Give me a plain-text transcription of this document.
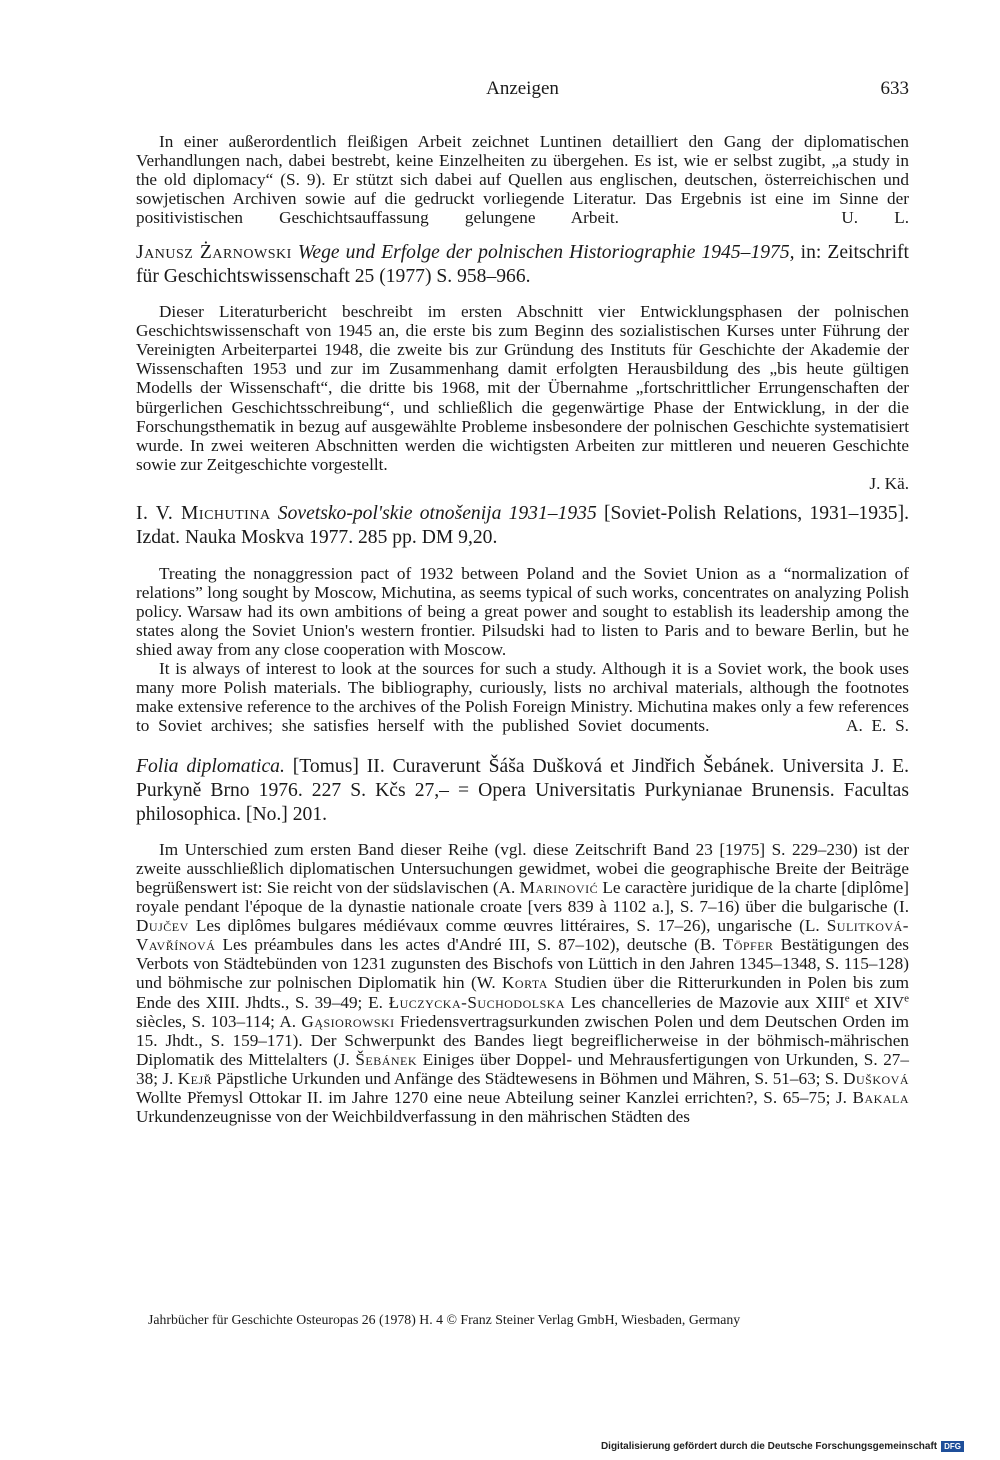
Anzeigen	633

In einer außerordentlich fleißigen Arbeit zeichnet Luntinen detailliert den Gang der diplomatischen Verhandlungen nach, dabei bestrebt, keine Einzelheiten zu übergehen. Es ist, wie er selbst zugibt, „a study in the old diplomacy“ (S. 9). Er stützt sich dabei auf Quellen aus englischen, deutschen, österreichischen und sowjetischen Archiven sowie auf die gedruckt vorliegende Literatur. Das Ergebnis ist eine im Sinne der positivistischen Geschichtsauffassung gelungene Arbeit.	U. L.

Janusz Żarnowski Wege und Erfolge der polnischen Historiographie 1945–1975, in: Zeitschrift für Geschichtswissenschaft 25 (1977) S. 958–966.

Dieser Literaturbericht beschreibt im ersten Abschnitt vier Entwicklungsphasen der polnischen Geschichtswissenschaft von 1945 an, die erste bis zum Beginn des sozialistischen Kurses unter Führung der Vereinigten Arbeiterpartei 1948, die zweite bis zur Gründung des Instituts für Geschichte der Akademie der Wissenschaften 1953 und zur im Zusammenhang damit erfolgten Herausbildung des „bis heute gültigen Modells der Wissenschaft“, die dritte bis 1968, mit der Übernahme „fortschrittlicher Errungenschaften der bürgerlichen Geschichtsschreibung“, und schließlich die gegenwärtige Phase der Entwicklung, in der die Forschungsthematik in bezug auf ausgewählte Probleme insbesondere der polnischen Geschichte systematisiert wurde. In zwei weiteren Abschnitten werden die wichtigsten Arbeiten zur mittleren und neueren Geschichte sowie zur Zeitgeschichte vorgestellt.

J. Kä.

I. V. Michutina Sovetsko-pol'skie otnošenija 1931–1935 [Soviet-Polish Relations, 1931–1935]. Izdat. Nauka Moskva 1977. 285 pp. DM 9,20.

Treating the nonaggression pact of 1932 between Poland and the Soviet Union as a “normalization of relations” long sought by Moscow, Michutina, as seems typical of such works, concentrates on analyzing Polish policy. Warsaw had its own ambitions of being a great power and sought to establish its leadership among the states along the Soviet Union's western frontier. Pilsudski had to listen to Paris and to beware Berlin, but he shied away from any close cooperation with Moscow.

It is always of interest to look at the sources for such a study. Although it is a Soviet work, the book uses many more Polish materials. The bibliography, curiously, lists no archival materials, although the footnotes make extensive reference to the archives of the Polish Foreign Ministry. Michutina makes only a few references to Soviet archives; she satisfies herself with the published Soviet documents.	A. E. S.

Folia diplomatica. [Tomus] II. Curaverunt Šáša Dušková et Jindřich Šebánek. Universita J. E. Purkyně Brno 1976. 227 S. Kčs 27,– = Opera Universitatis Purkynianae Brunensis. Facultas philosophica. [No.] 201.

Im Unterschied zum ersten Band dieser Reihe (vgl. diese Zeitschrift Band 23 [1975] S. 229–230) ist der zweite ausschließlich diplomatischen Untersuchungen gewidmet, wobei die geographische Breite der Beiträge begrüßenswert ist: Sie reicht von der südslavischen (A. Marinović Le caractère juridique de la charte [diplôme] royale pendant l'époque de la dynastie nationale croate [vers 839 à 1102 a.], S. 7–16) über die bulgarische (I. Dujčev Les diplômes bulgares médiévaux comme œuvres littéraires, S. 17–26), ungarische (L. Sulitková-Vavřínová Les préambules dans les actes d'André III, S. 87–102), deutsche (B. Töpfer Bestätigungen des Verbots von Städtebünden von 1231 zugunsten des Bischofs von Lüttich in den Jahren 1345–1348, S. 115–128) und böhmische zur polnischen Diplomatik hin (W. Korta Studien über die Ritterurkunden in Polen bis zum Ende des XIII. Jhdts., S. 39–49; E. Łuczycka-Suchodolska Les chancelleries de Mazovie aux XIIIe et XIVe siècles, S. 103–114; A. Gąsiorowski Friedensvertragsurkunden zwischen Polen und dem Deutschen Orden im 15. Jhdt., S. 159–171). Der Schwerpunkt des Bandes liegt begreiflicherweise in der böhmisch-mährischen Diplomatik des Mittelalters (J. Šebánek Einiges über Doppel- und Mehrausfertigungen von Urkunden, S. 27–38; J. Kejř Päpstliche Urkunden und Anfänge des Städtewesens in Böhmen und Mähren, S. 51–63; S. Dušková Wollte Přemysl Ottokar II. im Jahre 1270 eine neue Abteilung seiner Kanzlei errichten?, S. 65–75; J. Bakala Urkundenzeugnisse von der Weichbildverfassung in den mährischen Städten des

Jahrbücher für Geschichte Osteuropas 26 (1978) H. 4 © Franz Steiner Verlag GmbH, Wiesbaden, Germany
Digitalisierung gefördert durch die Deutsche Forschungsgemeinschaft DFG
